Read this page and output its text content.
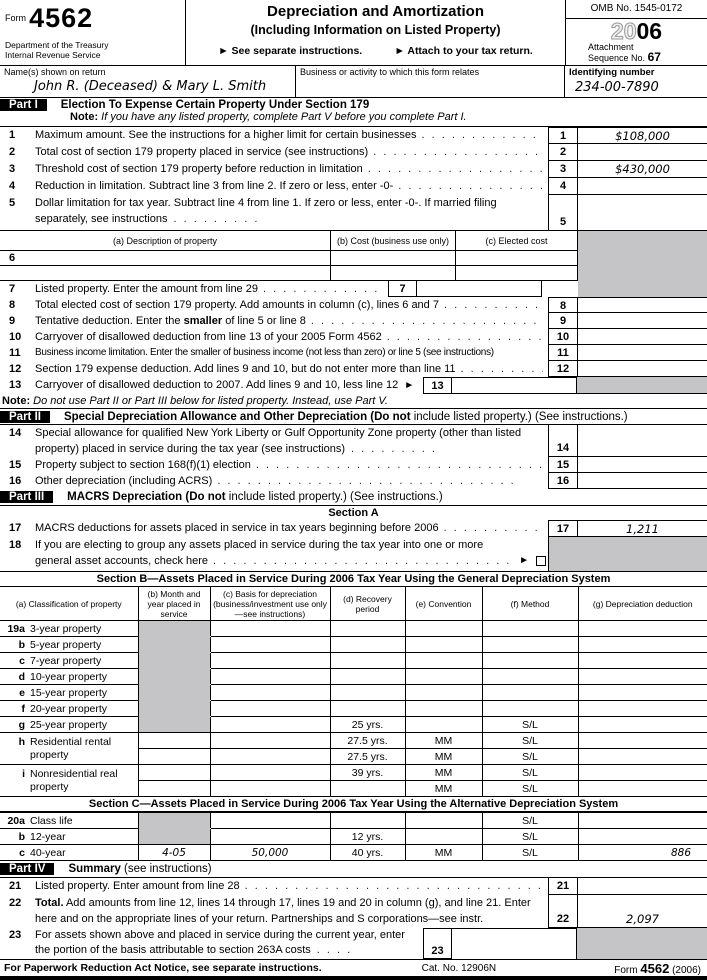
$^{Form}$ 4562
Department of the Treasury
Internal Revenue Service
Depreciation and Amortization
(Including Information on Listed Property)
► See separate instructions.	► Attach to your tax return.
OMB No. 1545-0172
2006
Attachment
Sequence No. 67
Name(s) shown on return
John R. (Deceased) & Mary L. Smith
Business or activity to which this form relates	Identifying number
234-00-7890
Part I	Election To Expense Certain Property Under Section 179
Note: If you have any listed property, complete Part V before you complete Part I.
1	Maximum amount. See the instructions for a higher limit for certain businesses . .	1	$108,000
2	Total cost of section 179 property placed in service (see instructions) . .	2
3	Threshold cost of section 179 property before reduction in limitation . .	3	$430,000
4	Reduction in limitation. Subtract line 3 from line 2. If zero or less, enter -0- . .	4
5	Dollar limitation for tax year. Subtract line 4 from line 1. If zero or less, enter -0-. If married filing separately, see instructions . .	5
(a) Description of property	(b) Cost (business use only)	(c) Elected cost
6
7	Listed property. Enter the amount from line 29 . .	7
8	Total elected cost of section 179 property. Add amounts in column (c), lines 6 and 7 . .	8
9	Tentative deduction. Enter the smaller of line 5 or line 8 . .	9
10	Carryover of disallowed deduction from line 13 of your 2005 Form 4562 . .	10
11	Business income limitation. Enter the smaller of business income (not less than zero) or line 5 (see instructions)	11
12	Section 179 expense deduction. Add lines 9 and 10, but do not enter more than line 11 . .	12
13	Carryover of disallowed deduction to 2007. Add lines 9 and 10, less line 12 ►	13
Note: Do not use Part II or Part III below for listed property. Instead, use Part V.
Part II	Special Depreciation Allowance and Other Depreciation (Do not include listed property.) (See instructions.)
14	Special allowance for qualified New York Liberty or Gulf Opportunity Zone property (other than listed property) placed in service during the tax year (see instructions) . .	14
15	Property subject to section 168(f)(1) election . .	15
16	Other depreciation (including ACRS) . .	16
Part III	MACRS Depreciation (Do not include listed property.) (See instructions.)
Section A
17	MACRS deductions for assets placed in service in tax years beginning before 2006 . .	17	1,211
18	If you are electing to group any assets placed in service during the tax year into one or more
general asset accounts, check here . .	►
Section B—Assets Placed in Service During 2006 Tax Year Using the General Depreciation System
(a) Classification of property	(b) Month and year placed in service	(c) Basis for depreciation (business/investment use only—see instructions)	(d) Recovery period	(e) Convention	(f) Method	(g) Depreciation deduction
19a 3-year property						
b 5-year property						
c 7-year property						
d 10-year property						
e 15-year property						
f 20-year property						
g 25-year property			25 yrs.		S/L	
h Residential rental property			27.5 yrs.	MM	S/L	
			27.5 yrs.	MM	S/L	
i Nonresidential real property			39 yrs.	MM	S/L	
				MM	S/L	
Section C—Assets Placed in Service During 2006 Tax Year Using the Alternative Depreciation System
20a Class life					S/L	
b 12-year			12 yrs.		S/L	
c 40-year	4-05	50,000	40 yrs.	MM	S/L	886
Part IV	Summary (see instructions)
21	Listed property. Enter amount from line 28 . .	21
22	Total. Add amounts from line 12, lines 14 through 17, lines 19 and 20 in column (g), and line 21. Enter here and on the appropriate lines of your return. Partnerships and S corporations—see instr.	22	2,097
23	For assets shown above and placed in service during the current year, enter the portion of the basis attributable to section 263A costs . .	23
For Paperwork Reduction Act Notice, see separate instructions.	Cat. No. 12906N	Form 4562 (2006)
